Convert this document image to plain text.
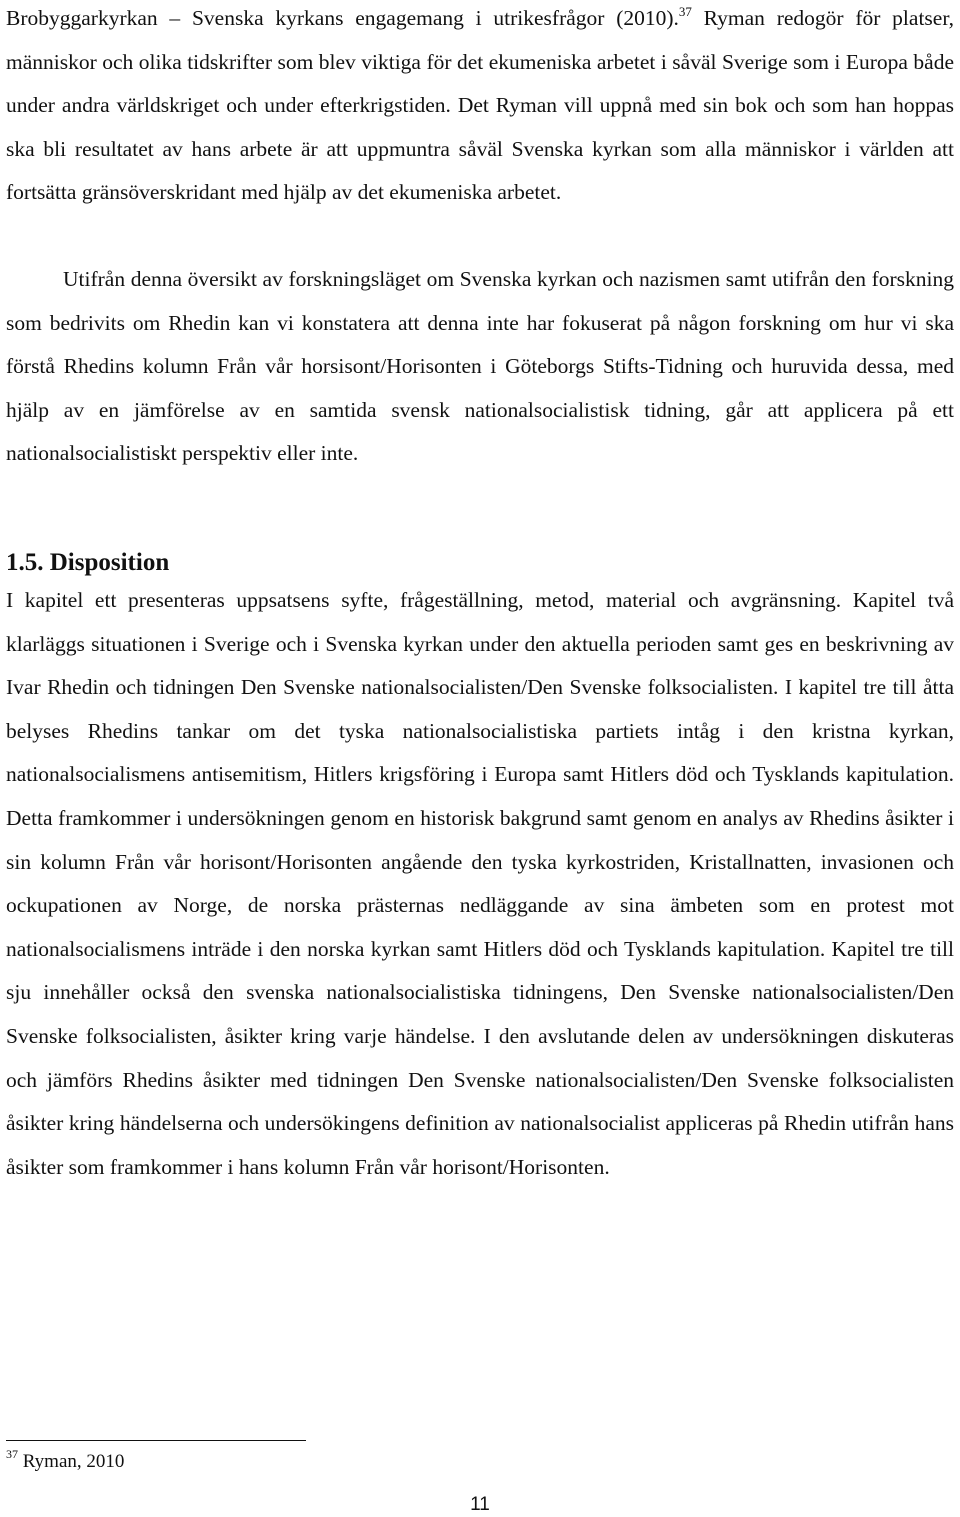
Brobyggarkyrkan – Svenska kyrkans engagemang i utrikesfrågor (2010).$^{37}$ Ryman redogör för platser, människor och olika tidskrifter som blev viktiga för det ekumeniska arbetet i såväl Sverige som i Europa både under andra världskriget och under efterkrigstiden. Det Ryman vill uppnå med sin bok och som han hoppas ska bli resultatet av hans arbete är att uppmuntra såväl Svenska kyrkan som alla människor i världen att fortsätta gränsöverskridant med hjälp av det ekumeniska arbetet.

Utifrån denna översikt av forskningsläget om Svenska kyrkan och nazismen samt utifrån den forskning som bedrivits om Rhedin kan vi konstatera att denna inte har fokuserat på någon forskning om hur vi ska förstå Rhedins kolumn Från vår horsisont/Horisonten i Göteborgs Stifts-Tidning och huruvida dessa, med hjälp av en jämförelse av en samtida svensk nationalsocialistisk tidning, går att applicera på ett nationalsocialistiskt perspektiv eller inte.

1.5. Disposition

I kapitel ett presenteras uppsatsens syfte, frågeställning, metod, material och avgränsning. Kapitel två klarläggs situationen i Sverige och i Svenska kyrkan under den aktuella perioden samt ges en beskrivning av Ivar Rhedin och tidningen Den Svenske nationalsocialisten/Den Svenske folksocialisten. I kapitel tre till åtta belyses Rhedins tankar om det tyska nationalsocialistiska partiets intåg i den kristna kyrkan, nationalsocialismens antisemitism, Hitlers krigsföring i Europa samt Hitlers död och Tysklands kapitulation. Detta framkommer i undersökningen genom en historisk bakgrund samt genom en analys av Rhedins åsikter i sin kolumn Från vår horisont/Horisonten angående den tyska kyrkostriden, Kristallnatten, invasionen och ockupationen av Norge, de norska prästernas nedläggande av sina ämbeten som en protest mot nationalsocialismens inträde i den norska kyrkan samt Hitlers död och Tysklands kapitulation. Kapitel tre till sju innehåller också den svenska nationalsocialistiska tidningens, Den Svenske nationalsocialisten/Den Svenske folksocialisten, åsikter kring varje händelse. I den avslutande delen av undersökningen diskuteras och jämförs Rhedins åsikter med tidningen Den Svenske nationalsocialisten/Den Svenske folksocialisten åsikter kring händelserna och undersökingens definition av nationalsocialist appliceras på Rhedin utifrån hans åsikter som framkommer i hans kolumn Från vår horisont/Horisonten.

$^{37}$ Ryman, 2010
11
